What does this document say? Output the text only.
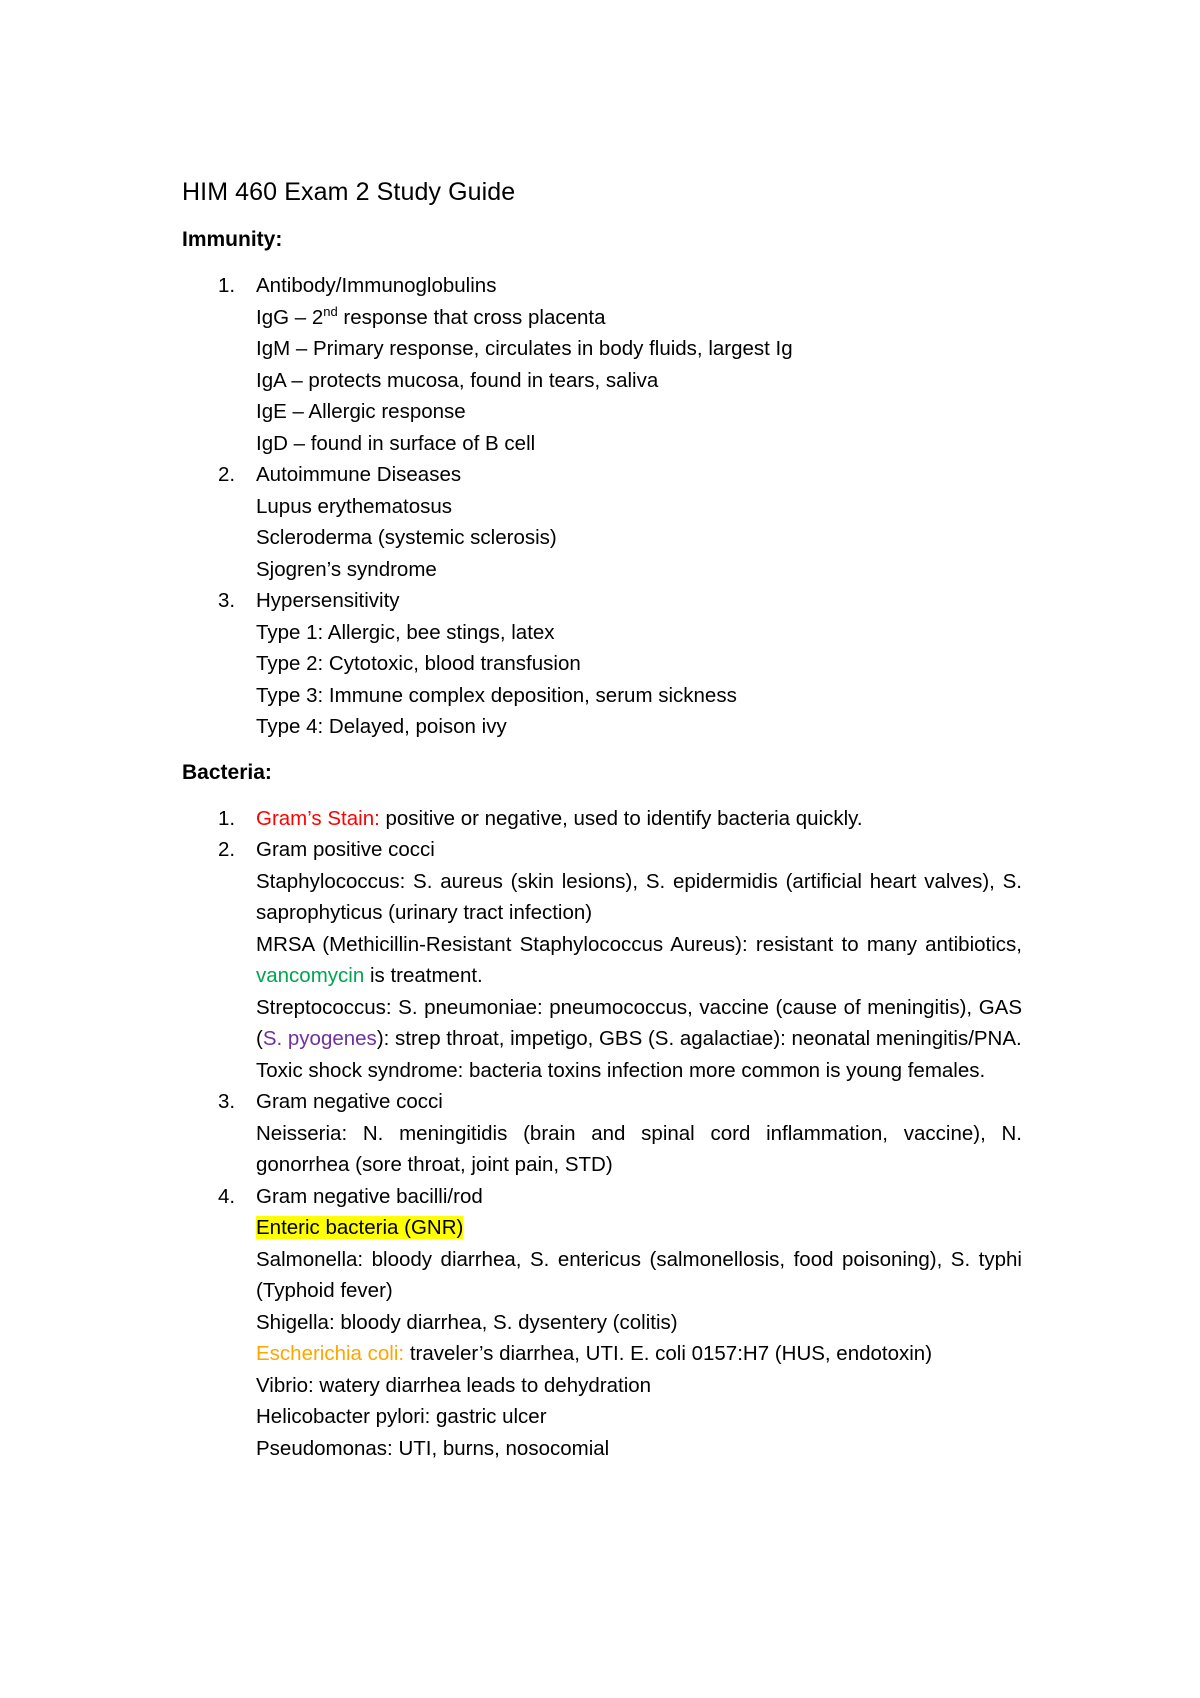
HIM 460 Exam 2 Study Guide
Immunity:
1. Antibody/Immunoglobulins
IgG – 2nd response that cross placenta
IgM – Primary response, circulates in body fluids, largest Ig
IgA – protects mucosa, found in tears, saliva
IgE – Allergic response
IgD – found in surface of B cell
2. Autoimmune Diseases
Lupus erythematosus
Scleroderma (systemic sclerosis)
Sjogren’s syndrome
3. Hypersensitivity
Type 1: Allergic, bee stings, latex
Type 2: Cytotoxic, blood transfusion
Type 3: Immune complex deposition, serum sickness
Type 4: Delayed, poison ivy
Bacteria:
1. Gram’s Stain: positive or negative, used to identify bacteria quickly.
2. Gram positive cocci
Staphylococcus: S. aureus (skin lesions), S. epidermidis (artificial heart valves), S. saprophyticus (urinary tract infection)
MRSA (Methicillin-Resistant Staphylococcus Aureus): resistant to many antibiotics, vancomycin is treatment.
Streptococcus: S. pneumoniae: pneumococcus, vaccine (cause of meningitis), GAS (S. pyogenes): strep throat, impetigo, GBS (S. agalactiae): neonatal meningitis/PNA.
Toxic shock syndrome: bacteria toxins infection more common is young females.
3. Gram negative cocci
Neisseria: N. meningitidis (brain and spinal cord inflammation, vaccine), N. gonorrhea (sore throat, joint pain, STD)
4. Gram negative bacilli/rod
Enteric bacteria (GNR)
Salmonella: bloody diarrhea, S. entericus (salmonellosis, food poisoning), S. typhi (Typhoid fever)
Shigella: bloody diarrhea, S. dysentery (colitis)
Escherichia coli: traveler’s diarrhea, UTI. E. coli 0157:H7 (HUS, endotoxin)
Vibrio: watery diarrhea leads to dehydration
Helicobacter pylori: gastric ulcer
Pseudomonas: UTI, burns, nosocomial
